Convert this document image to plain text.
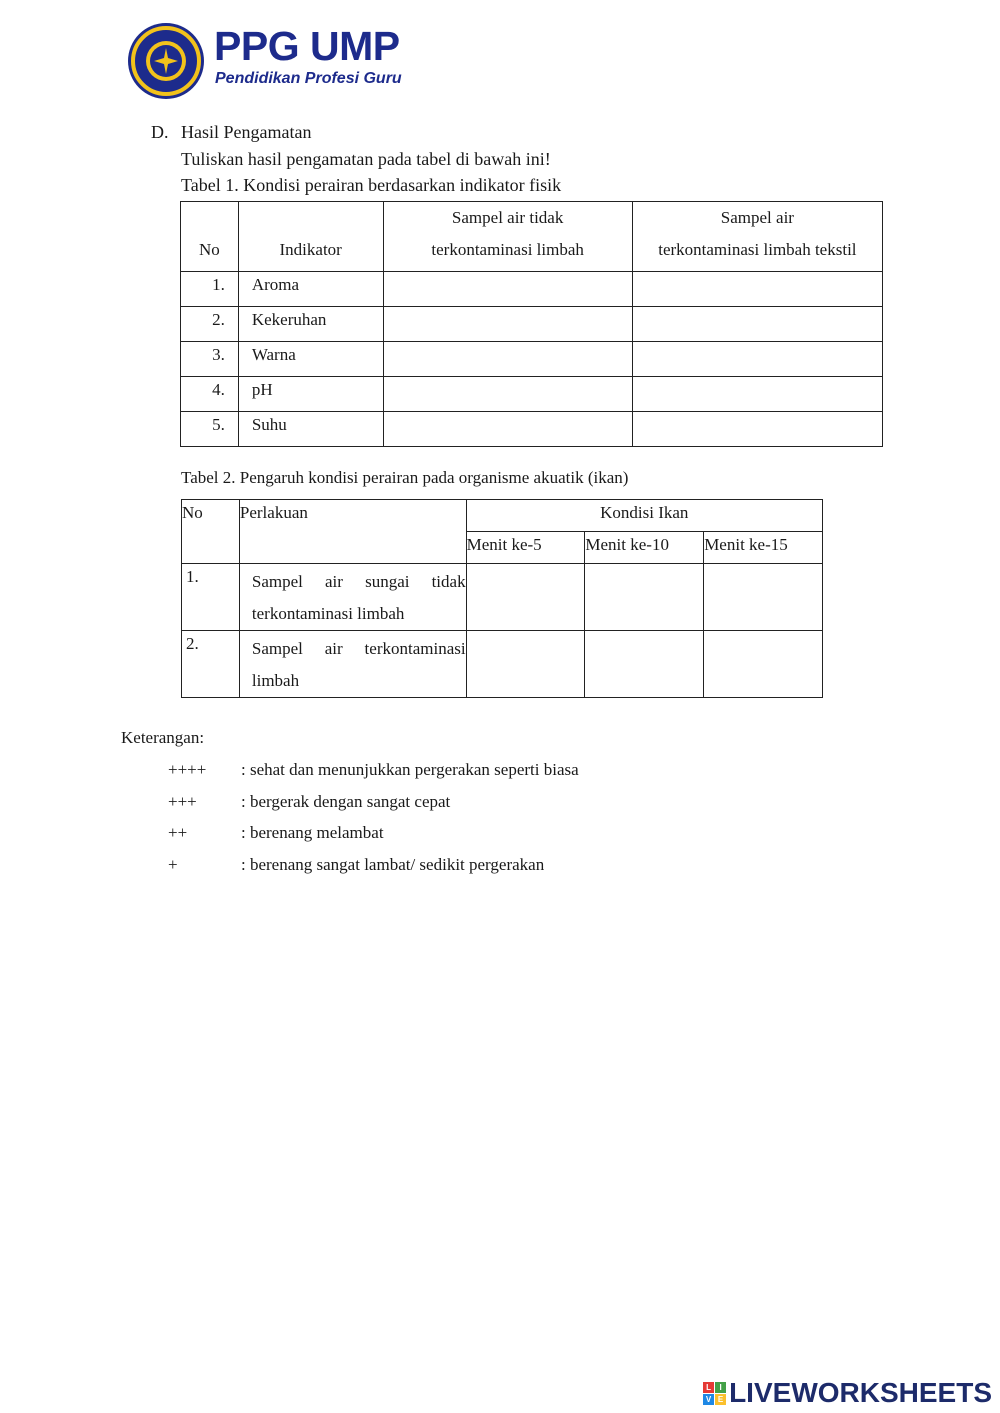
PPG UMP
Pendidikan Profesi Guru
D. Hasil Pengamatan
Tuliskan hasil pengamatan pada tabel di bawah ini!
Tabel 1. Kondisi perairan berdasarkan indikator fisik

No	Indikator	Sampel air tidak
terkontaminasi limbah	Sampel air
terkontaminasi limbah tekstil

1.	Aroma		
2.	Kekeruhan		
3.	Warna		
4.	pH		
5.	Suhu		
Tabel 2. Pengaruh kondisi perairan pada organisme akuatik (ikan)
No	Perlakuan	Kondisi Ikan		
		Menit ke-5	Menit ke-10	Menit ke-15
1.	Sampel air sungai tidak
terkontaminasi limbah			

2.	Sampel air terkontaminasi
limbah			

Keterangan:
++++ : sehat dan menunjukkan pergerakan seperti biasa
+++	: bergerak dengan sangat cepat
++	: berenang melambat
+	: berenang sangat lambat/ sedikit pergerakan
L	I
V E LIVEWORKSHEETS
